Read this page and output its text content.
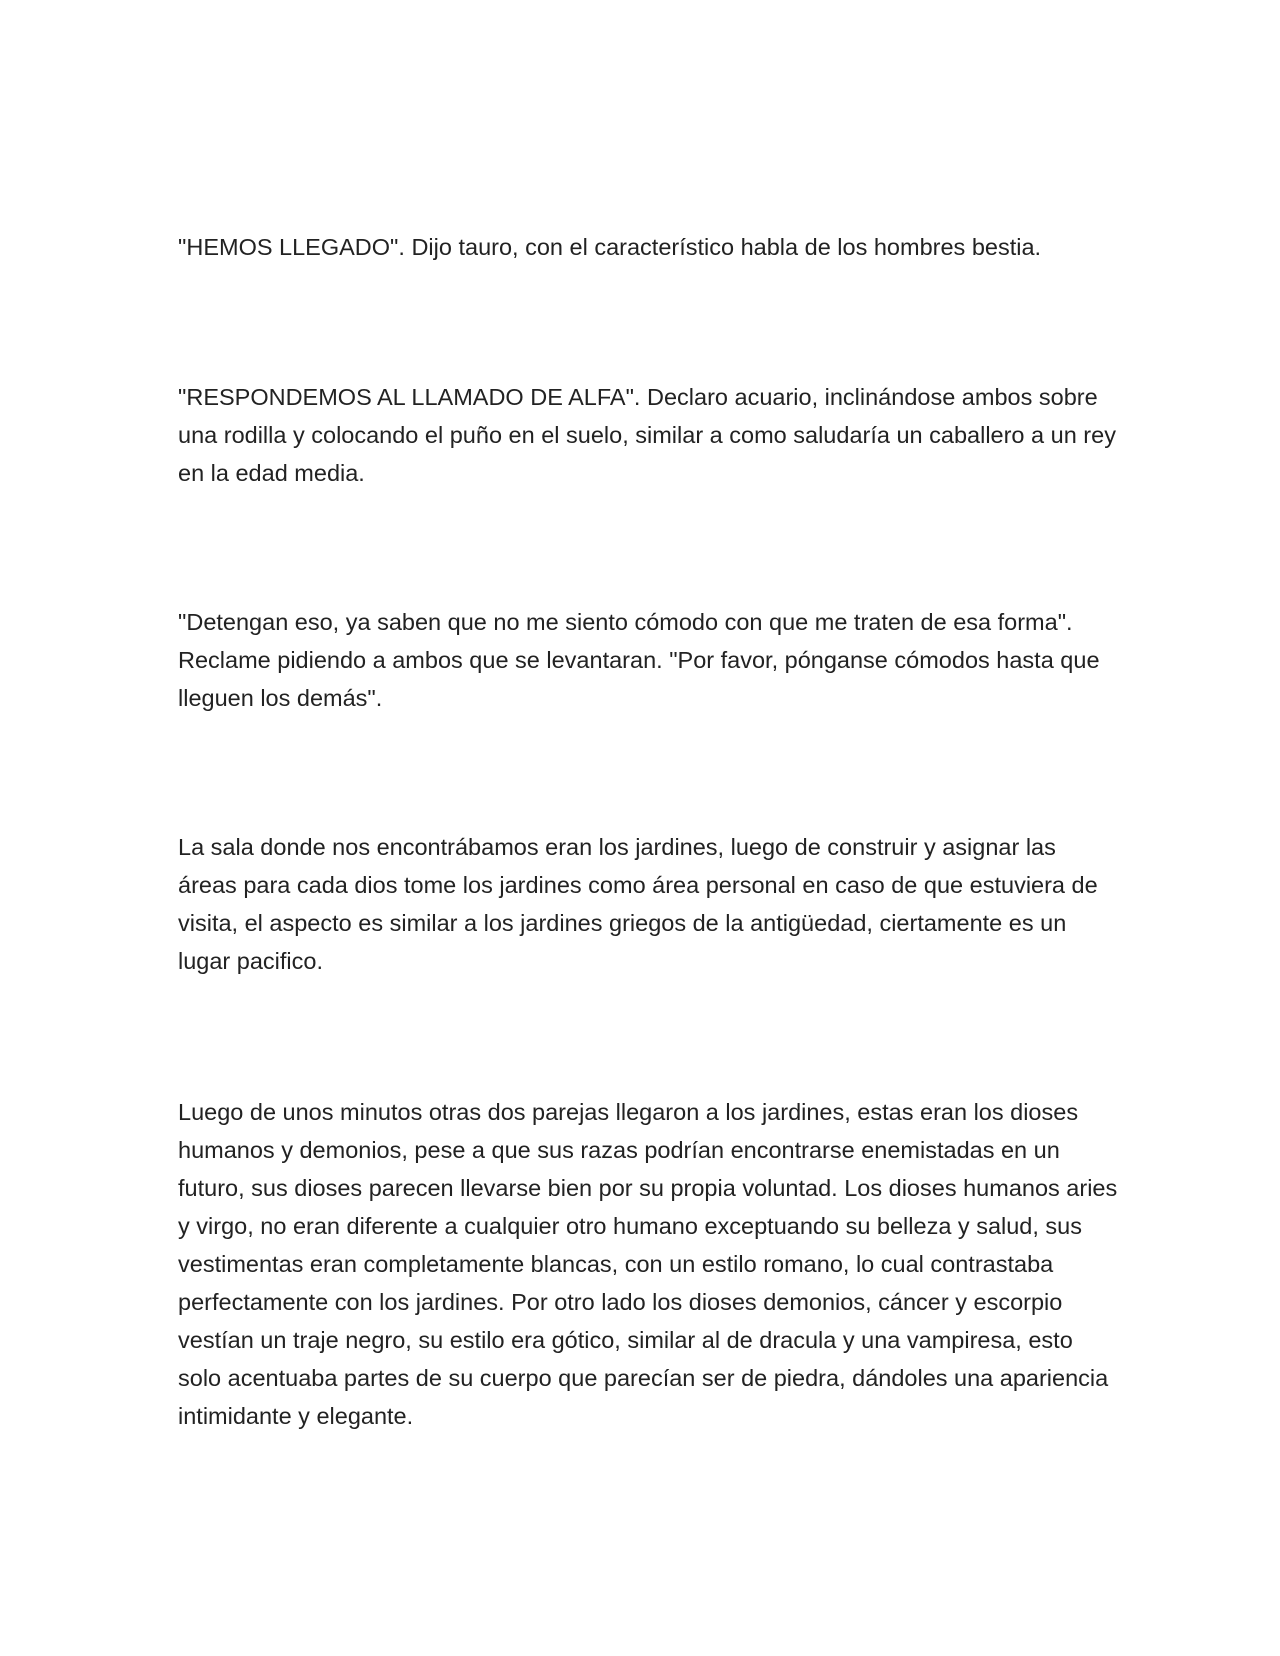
"HEMOS LLEGADO". Dijo tauro, con el característico habla de los hombres bestia.

"RESPONDEMOS AL LLAMADO DE ALFA". Declaro acuario, inclinándose ambos sobre una rodilla y colocando el puño en el suelo, similar a como saludaría un caballero a un rey en la edad media.

"Detengan eso, ya saben que no me siento cómodo con que me traten de esa forma". Reclame pidiendo a ambos que se levantaran. "Por favor, pónganse cómodos hasta que lleguen los demás".

La sala donde nos encontrábamos eran los jardines, luego de construir y asignar las áreas para cada dios tome los jardines como área personal en caso de que estuviera de visita, el aspecto es similar a los jardines griegos de la antigüedad, ciertamente es un lugar pacifico.

Luego de unos minutos otras dos parejas llegaron a los jardines, estas eran los dioses humanos y demonios, pese a que sus razas podrían encontrarse enemistadas en un futuro, sus dioses parecen llevarse bien por su propia voluntad. Los dioses humanos aries y virgo, no eran diferente a cualquier otro humano exceptuando su belleza y salud, sus vestimentas eran completamente blancas, con un estilo romano, lo cual contrastaba perfectamente con los jardines. Por otro lado los dioses demonios, cáncer y escorpio vestían un traje negro, su estilo era gótico, similar al de dracula y una vampiresa, esto solo acentuaba partes de su cuerpo que parecían ser de piedra, dándoles una apariencia intimidante y elegante.
